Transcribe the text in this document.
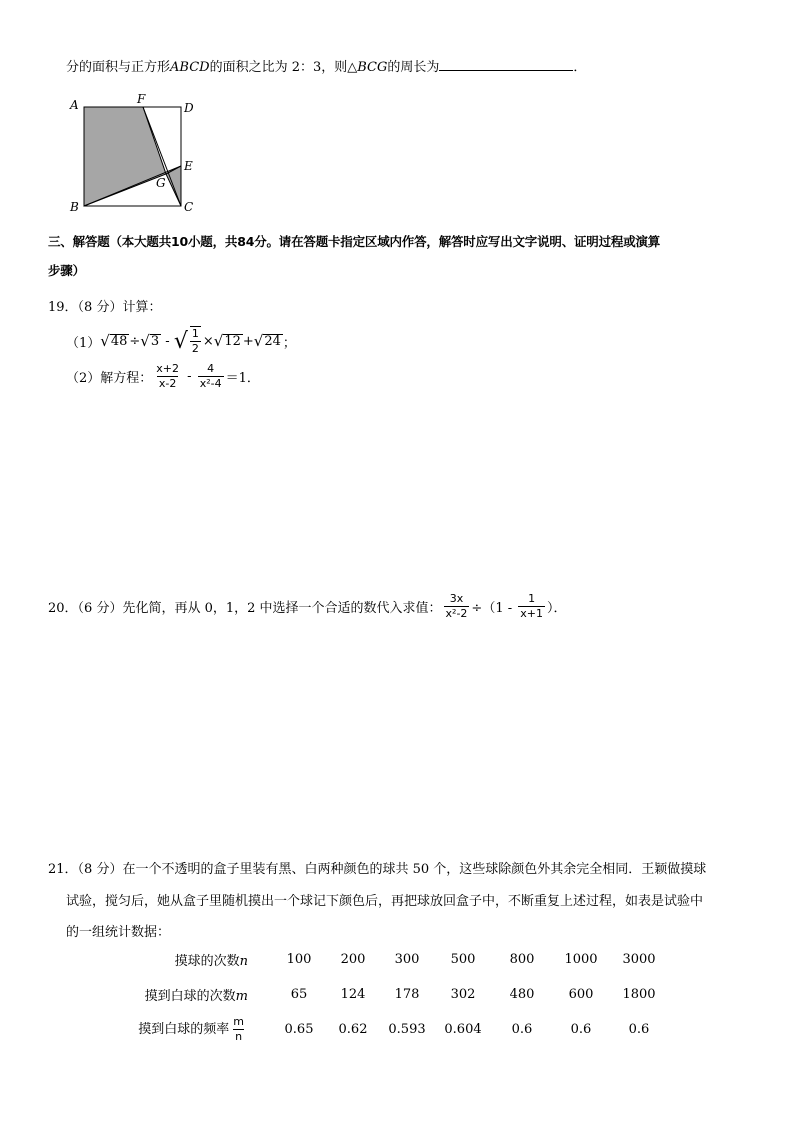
分的面积与正方形ABCD的面积之比为 2：3，则△BCG的周长为	．
A	F
D
E
G
B	C
三、解答题（本大题共10小题，共84分。请在答题卡指定区域内作答，解答时应写出文字说明、证明过程或演算
步骤）
19．（8 分）计算：
（1） √ 48 ÷ √ 3 - √ $\frac{1}{2}$ × √ 12 + √ 24 ；
（2）解方程： $\frac{x+2}{x-2} - \frac{4}{\text{x²-4}} =1$．
20．（6 分）先化简，再从 0，1，2 中选择一个合适的数代入求值： $\frac{3x}{\text{x²-2}} \div(1 - \frac{1}{x+1}$ ）．
21．（8 分）在一个不透明的盒子里装有黑、白两种颜色的球共 50 个，这些球除颜色外其余完全相同．王颖做摸球
试验，搅匀后，她从盒子里随机摸出一个球记下颜色后，再把球放回盒子中，不断重复上述过程，如表是试验中
的一组统计数据：
摸球的次数n	100	200	300	500	800	1000	3000
摸到白球的次数m	65	124	178	302	480	600	1800
摸到白球的频率 $\frac{m}{n}$	0.65	0.62	0.593	0.604	0.6	0.6	0.6
